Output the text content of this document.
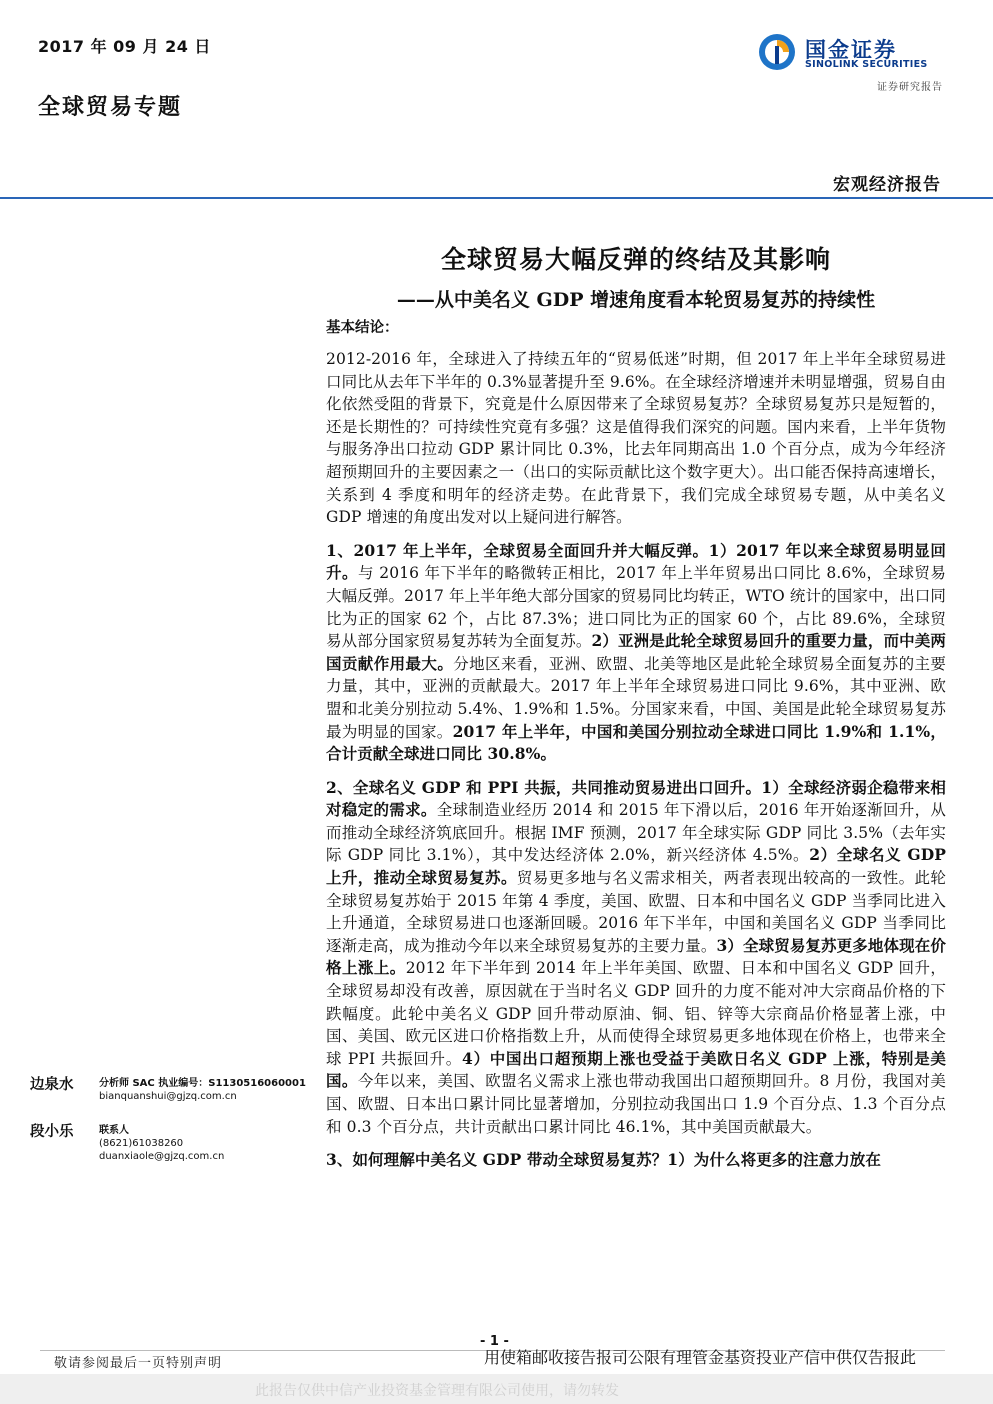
2017 年 09 月 24 日
全球贸易专题
国金证券
SINOLINK SECURITIES
证券研究报告
宏观经济报告
全球贸易大幅反弹的终结及其影响
——从中美名义 GDP 增速角度看本轮贸易复苏的持续性
基本结论：

2012-2016 年，全球进入了持续五年的“贸易低迷”时期，但 2017 年上半年全球贸易进口同比从去年下半年的 0.3%显著提升至 9.6%。在全球经济增速并未明显增强，贸易自由化依然受阻的背景下，究竟是什么原因带来了全球贸易复苏？全球贸易复苏只是短暂的，还是长期性的？可持续性究竟有多强？这是值得我们深究的问题。国内来看，上半年货物与服务净出口拉动 GDP 累计同比 0.3%，比去年同期高出 1.0 个百分点，成为今年经济超预期回升的主要因素之一（出口的实际贡献比这个数字更大）。出口能否保持高速增长，关系到 4 季度和明年的经济走势。在此背景下，我们完成全球贸易专题，从中美名义 GDP 增速的角度出发对以上疑问进行解答。

1、2017 年上半年，全球贸易全面回升并大幅反弹。1）2017 年以来全球贸易明显回升。与 2016 年下半年的略微转正相比，2017 年上半年贸易出口同比 8.6%，全球贸易大幅反弹。2017 年上半年绝大部分国家的贸易同比均转正，WTO 统计的国家中，出口同比为正的国家 62 个，占比 87.3%；进口同比为正的国家 60 个，占比 89.6%，全球贸易从部分国家贸易复苏转为全面复苏。2）亚洲是此轮全球贸易回升的重要力量，而中美两国贡献作用最大。分地区来看，亚洲、欧盟、北美等地区是此轮全球贸易全面复苏的主要力量，其中，亚洲的贡献最大。2017 年上半年全球贸易进口同比 9.6%，其中亚洲、欧盟和北美分别拉动 5.4%、1.9%和 1.5%。分国家来看，中国、美国是此轮全球贸易复苏最为明显的国家。2017 年上半年，中国和美国分别拉动全球进口同比 1.9%和 1.1%，合计贡献全球进口同比 30.8%。

2、全球名义 GDP 和 PPI 共振，共同推动贸易进出口回升。1）全球经济弱企稳带来相对稳定的需求。全球制造业经历 2014 和 2015 年下滑以后，2016 年开始逐渐回升，从而推动全球经济筑底回升。根据 IMF 预测，2017 年全球实际 GDP 同比 3.5%（去年实际 GDP 同比 3.1%），其中发达经济体 2.0%，新兴经济体 4.5%。2）全球名义 GDP 上升，推动全球贸易复苏。贸易更多地与名义需求相关，两者表现出较高的一致性。此轮全球贸易复苏始于 2015 年第 4 季度，美国、欧盟、日本和中国名义 GDP 当季同比进入上升通道，全球贸易进口也逐渐回暖。2016 年下半年，中国和美国名义 GDP 当季同比逐渐走高，成为推动今年以来全球贸易复苏的主要力量。3）全球贸易复苏更多地体现在价格上涨上。2012 年下半年到 2014 年上半年美国、欧盟、日本和中国名义 GDP 回升，全球贸易却没有改善，原因就在于当时名义 GDP 回升的力度不能对冲大宗商品价格的下跌幅度。此轮中美名义 GDP 回升带动原油、铜、铝、锌等大宗商品价格显著上涨，中国、美国、欧元区进口价格指数上升，从而使得全球贸易更多地体现在价格上，也带来全球 PPI 共振回升。4）中国出口超预期上涨也受益于美欧日名义 GDP 上涨，特别是美国。今年以来，美国、欧盟名义需求上涨也带动我国出口超预期回升。8 月份，我国对美国、欧盟、日本出口累计同比显著增加，分别拉动我国出口 1.9 个百分点、1.3 个百分点和 0.3 个百分点，共计贡献出口累计同比 46.1%，其中美国贡献最大。

3、如何理解中美名义 GDP 带动全球贸易复苏？1）为什么将更多的注意力放在

边泉水	分析师 SAC 执业编号：S1130516060001
bianquanshui@gjzq.com.cn
段小乐	联系人
(8621)61038260
duanxiaole@gjzq.com.cn
- 1 -
敬请参阅最后一页特别声明	用使箱邮收接告报司公限有理管金基资投业产信中供仅告报此
此报告仅供中信产业投资基金管理有限公司使用，请勿转发
